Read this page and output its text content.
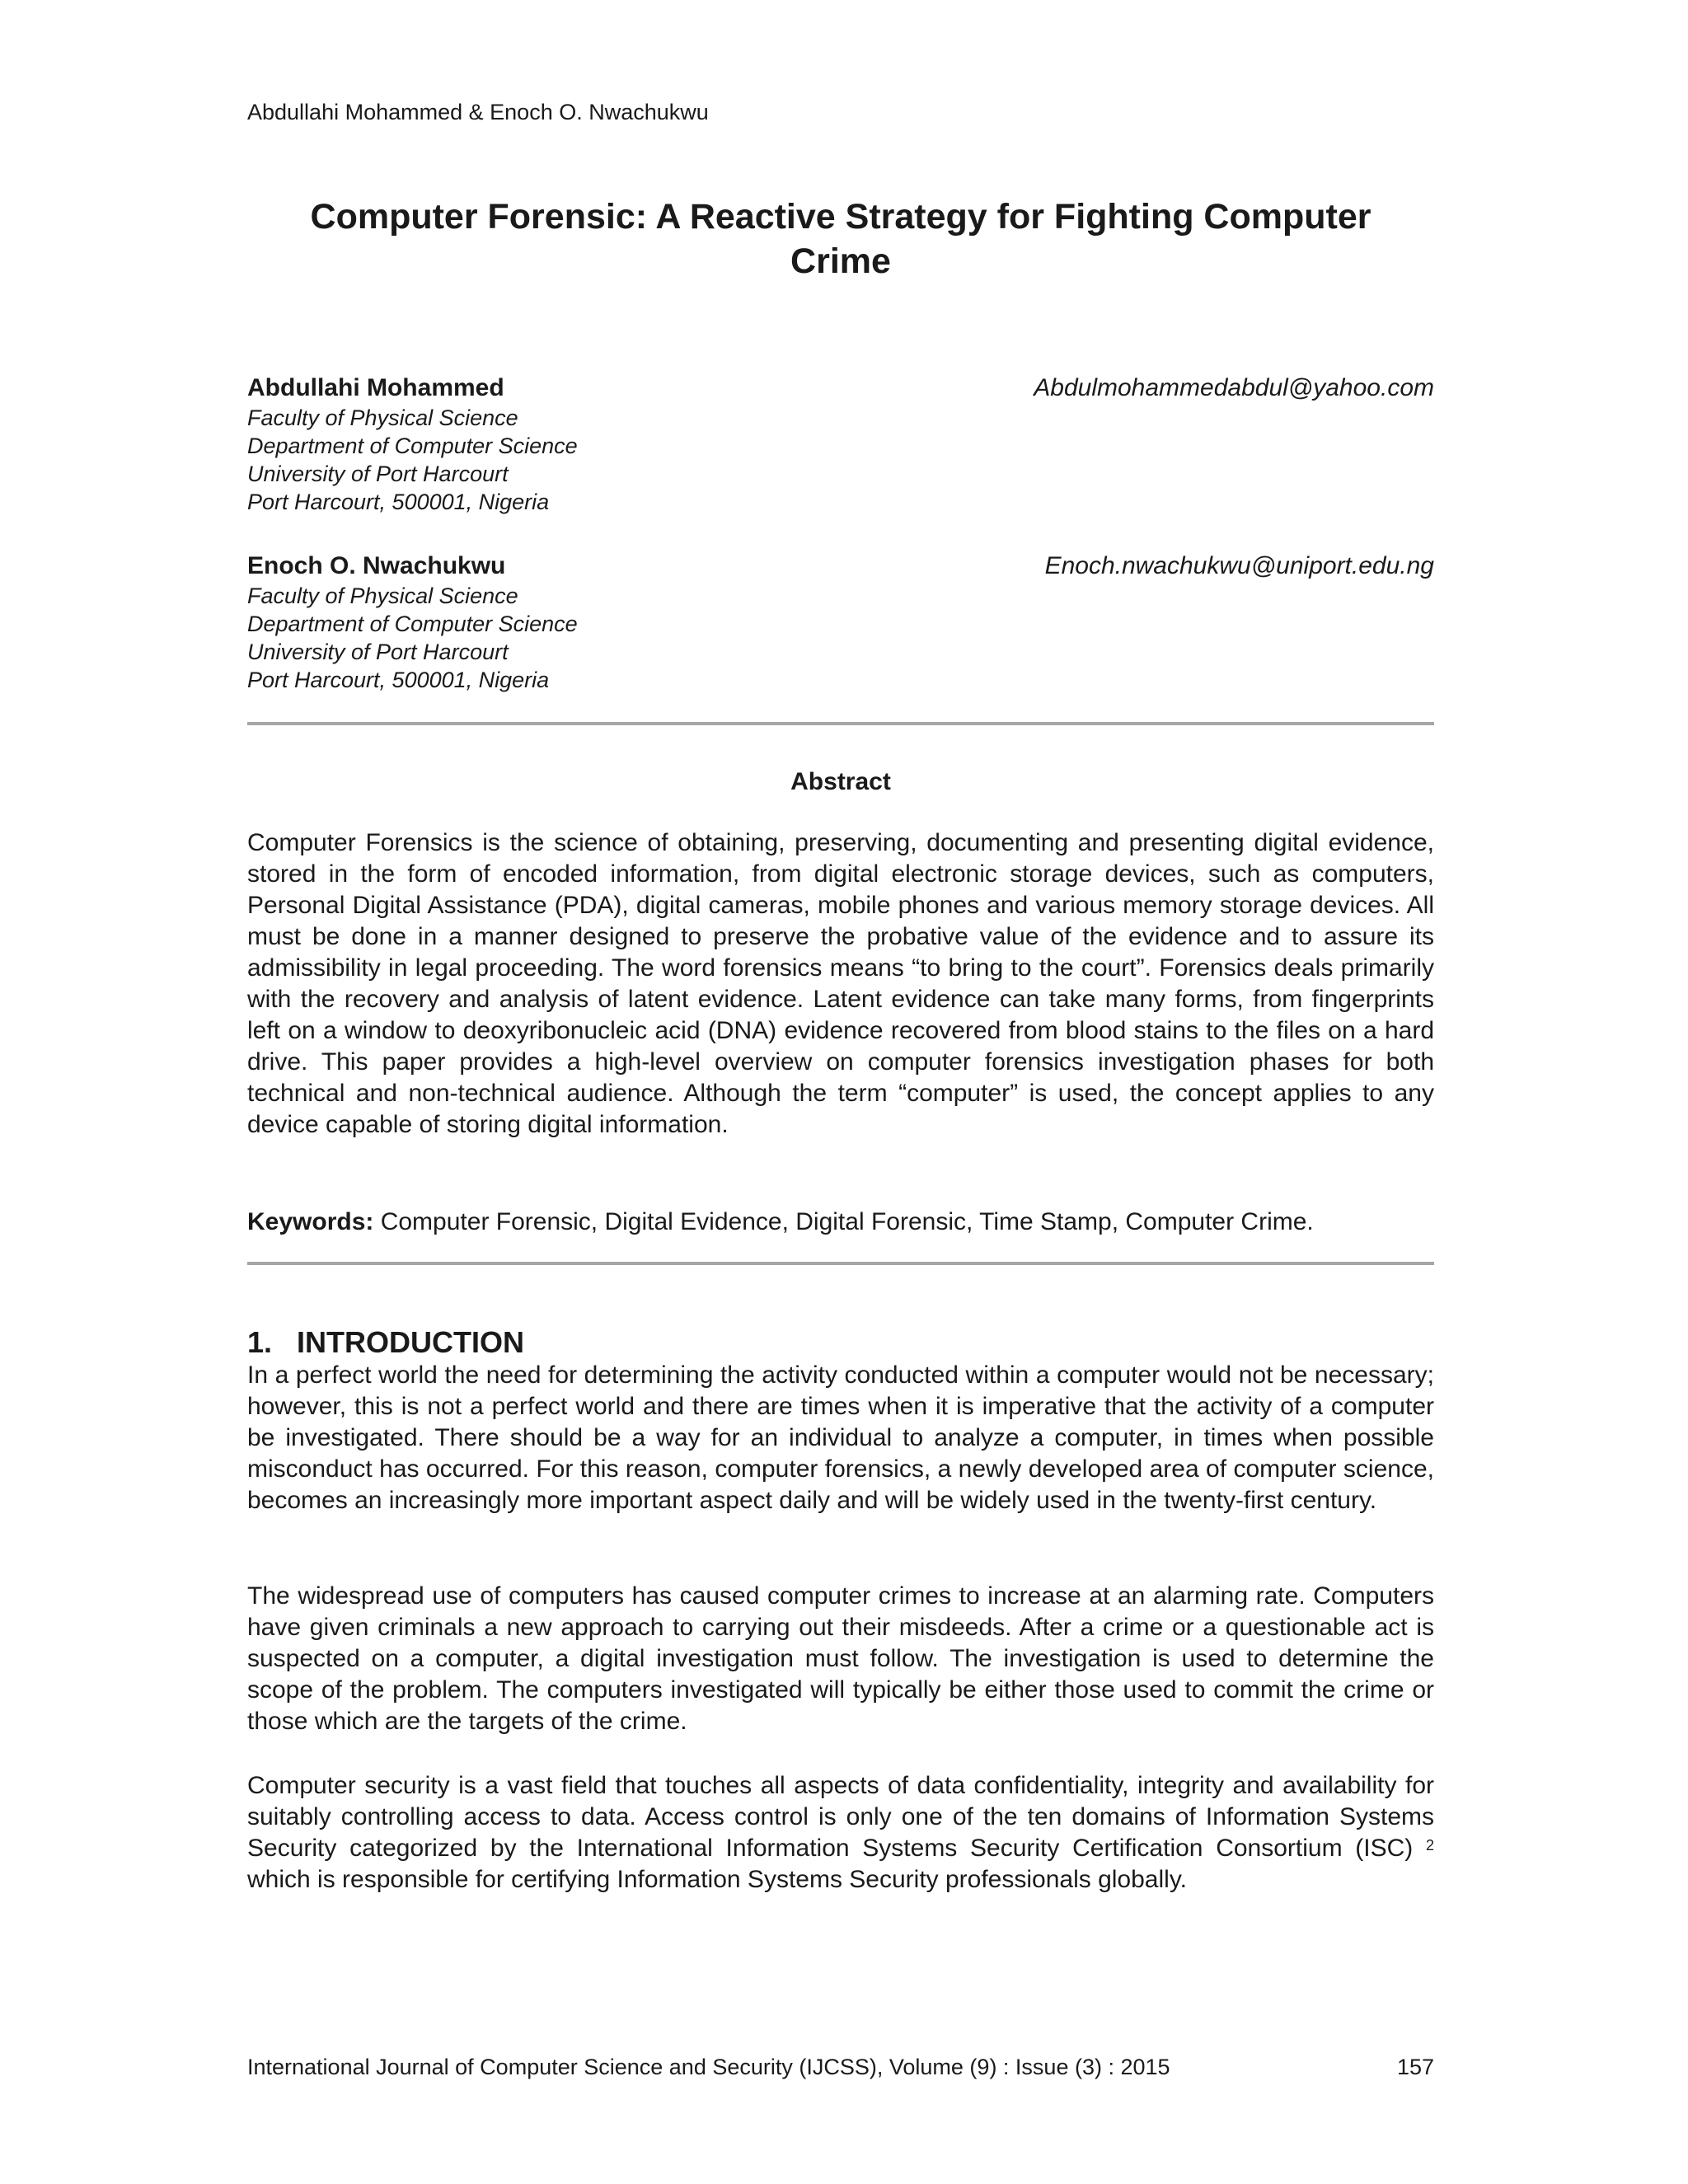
Abdullahi Mohammed & Enoch O. Nwachukwu
Computer Forensic: A Reactive Strategy for Fighting Computer
Crime
Abdullahi Mohammed	Abdulmohammedabdul@yahoo.com
Faculty of Physical Science
Department of Computer Science
University of Port Harcourt
Port Harcourt, 500001, Nigeria
Enoch O. Nwachukwu	Enoch.nwachukwu@uniport.edu.ng
Faculty of Physical Science
Department of Computer Science
University of Port Harcourt
Port Harcourt, 500001, Nigeria
Abstract

Computer Forensics is the science of obtaining, preserving, documenting and presenting digital evidence, stored in the form of encoded information, from digital electronic storage devices, such as computers, Personal Digital Assistance (PDA), digital cameras, mobile phones and various memory storage devices. All must be done in a manner designed to preserve the probative value of the evidence and to assure its admissibility in legal proceeding. The word forensics means “to bring to the court”. Forensics deals primarily with the recovery and analysis of latent evidence. Latent evidence can take many forms, from fingerprints left on a window to deoxyribonucleic acid (DNA) evidence recovered from blood stains to the files on a hard drive. This paper provides a high-level overview on computer forensics investigation phases for both technical and non-technical audience. Although the term “computer” is used, the concept applies to any device capable of storing digital information.

Keywords: Computer Forensic, Digital Evidence, Digital Forensic, Time Stamp, Computer Crime.

1. INTRODUCTION

In a perfect world the need for determining the activity conducted within a computer would not be necessary; however, this is not a perfect world and there are times when it is imperative that the activity of a computer be investigated. There should be a way for an individual to analyze a computer, in times when possible misconduct has occurred. For this reason, computer forensics, a newly developed area of computer science, becomes an increasingly more important aspect daily and will be widely used in the twenty-first century.

The widespread use of computers has caused computer crimes to increase at an alarming rate. Computers have given criminals a new approach to carrying out their misdeeds. After a crime or a questionable act is suspected on a computer, a digital investigation must follow. The investigation is used to determine the scope of the problem. The computers investigated will typically be either those used to commit the crime or those which are the targets of the crime.

Computer security is a vast field that touches all aspects of data confidentiality, integrity and availability for suitably controlling access to data. Access control is only one of the ten domains of Information Systems Security categorized by the International Information Systems Security Certification Consortium (ISC) $^2$ which is responsible for certifying Information Systems Security professionals globally.

International Journal of Computer Science and Security (IJCSS), Volume (9) : Issue (3) : 2015	157
